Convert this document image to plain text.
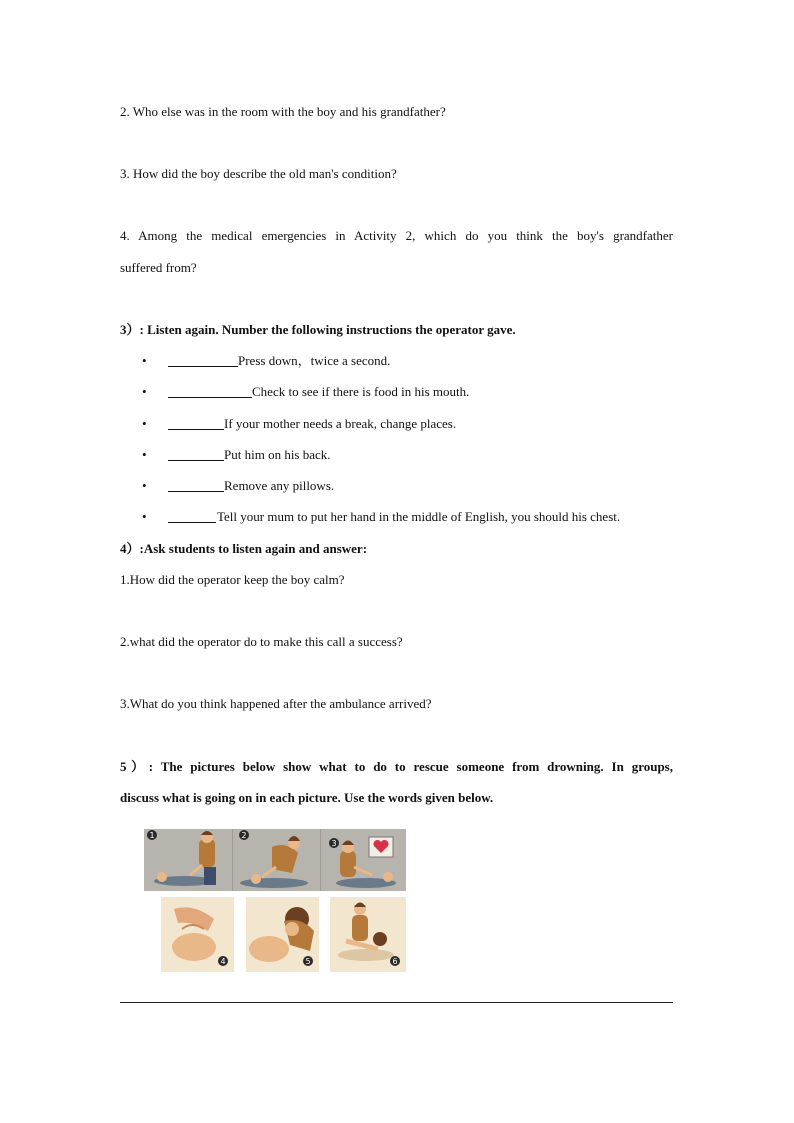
2. Who else was in the room with the boy and his grandfather?
3. How did the boy describe the old man's condition?
4. Among the medical emergencies in Activity 2, which do you think the boy's grandfather
suffered from?
3）: Listen again. Number the following instructions the operator gave.
•	Press down，twice a second.
•	Check to see if there is food in his mouth.
•	If your mother needs a break, change places.
•	Put him on his back.
•	Remove any pillows.
•	Tell your mum to put her hand in the middle of English, you should his chest.
4）:Ask students to listen again and answer:
1.How did the operator keep the boy calm?
2.what did the operator do to make this call a success?
3.What do you think happened after the ambulance arrived?
5）: The pictures below show what to do to rescue someone from drowning. In groups,
discuss what is going on in each picture. Use the words given below.
1	2
3
4	5	6
